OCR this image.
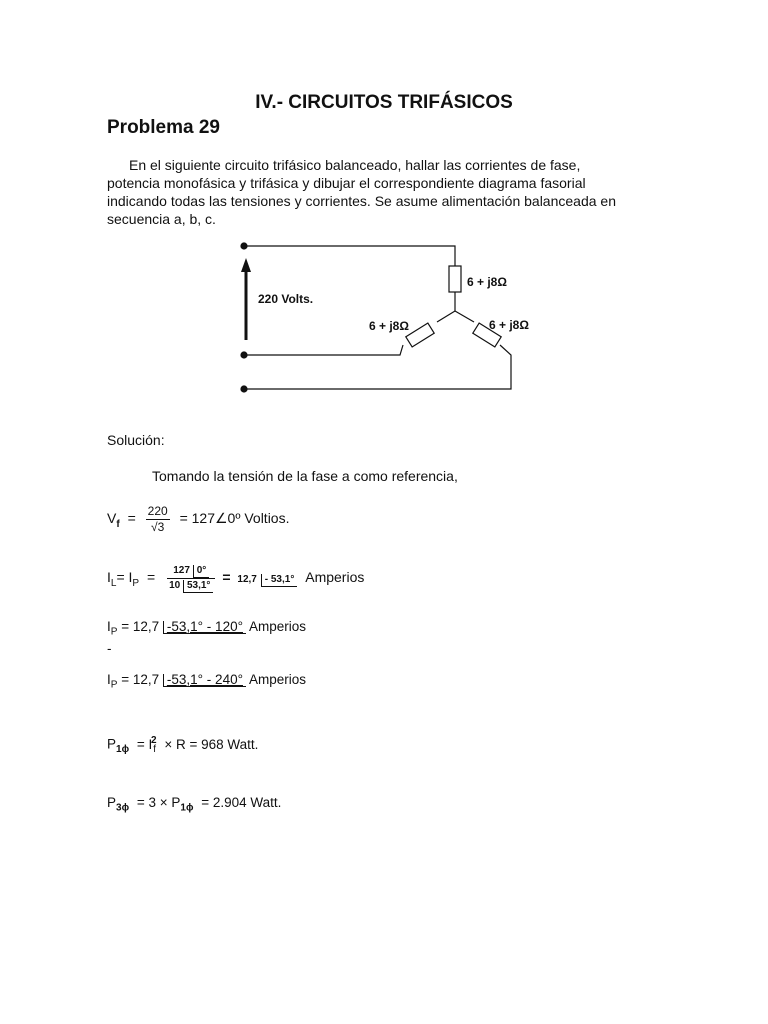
IV.- CIRCUITOS TRIFÁSICOS
Problema 29
En el siguiente circuito trifásico balanceado, hallar las corrientes de fase,
potencia monofásica y trifásica y dibujar el correspondiente diagrama fasorial
indicando todas las tensiones y corrientes. Se asume alimentación balanceada en
secuencia a, b, c.
220 Volts.
6 + j8Ω
6 + j8Ω	6 + j8Ω
Solución:
Tomando la tensión de la fase a como referencia,
$V_f = \frac{220}{√3}$ = 127∠0º Voltios.
$I_L= I_P = \frac{127 0^\circ}{10 53,1^\circ} = 12,7 - 53,1^\circ$ Amperios
$I_P = 12,7$ -53,1° - 120° Amperios
-
$I_P = 12,7$ -53,1° - 240° Amperios
$P_{1\phi} = I_f^2 \times R = 968$ Watt.
$P_{3\phi} = 3 \times P_{1\phi} = 2.904$ Watt.
